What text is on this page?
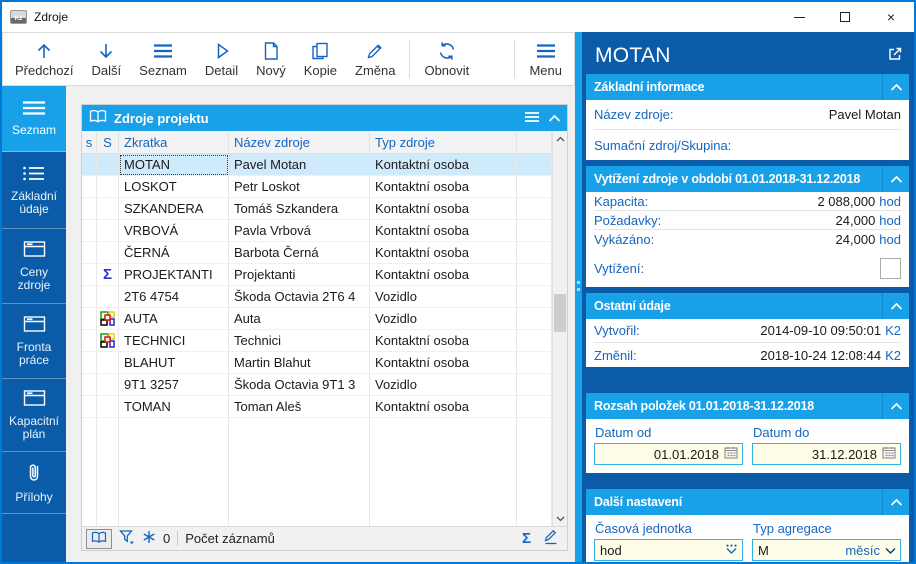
K2 Zdroje	×
Předchozí Další Seznam Detail Nový Kopie Změna Obnovit	Menu
Seznam
Základní údaje
Ceny zdroje
Fronta práce
Kapacitní plán
Přílohy
Zdroje projektu
s S Zkratka	Název zdroje	Typ zdroje
MOTAN	Pavel Motan	Kontaktní osoba
LOSKOT	Petr Loskot	Kontaktní osoba
SZKANDERA	Tomáš Szkandera	Kontaktní osoba
VRBOVÁ	Pavla Vrbová	Kontaktní osoba
ČERNÁ	Barbota Černá	Kontaktní osoba
Σ PROJEKTANTI	Projektanti	Kontaktní osoba
2T6 4754	Škoda Octavia 2T6 4	Vozidlo
AUTA	Auta	Vozidlo
TECHNICI	Technici	Kontaktní osoba
BLAHUT	Martin Blahut	Kontaktní osoba
9T1 3257	Škoda Octavia 9T1 3	Vozidlo
TOMAN	Toman Aleš	Kontaktní osoba
0 Počet záznamů	Σ
MOTAN
Základní informace
Název zdroje:	Pavel Motan
Sumační zdroj/Skupina:
Vytížení zdroje v období 01.01.2018-31.12.2018
Kapacita:	2 088,000 hod
Požadavky:	24,000 hod
Vykázáno:	24,000 hod
Vytížení:
Ostatní údaje
Vytvořil:	2014-09-10 09:50:01 K2
Změnil:	2018-10-24 12:08:44 K2
Rozsah položek 01.01.2018-31.12.2018
Datum od
01.01.2018
Datum do
31.12.2018
Další nastavení
Časová jednotka
hod
Typ agregace
M	měsíc
